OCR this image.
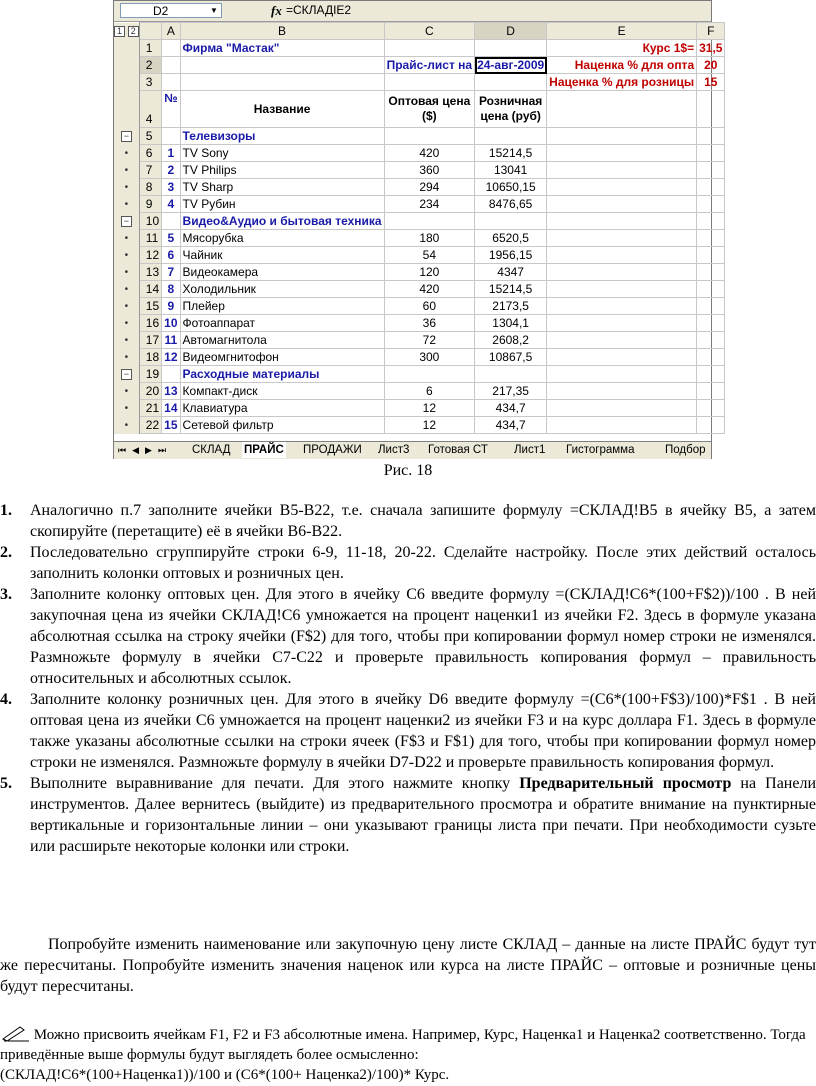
D2	▼	fx =СКЛАДIE2
1 2		A	B	C	D	E	F
	1		Фирма "Мастак"			Курс 1$=	31,5
	2			Прайс-лист на	24-авг-2009	Наценка % для опта	20
	3					Наценка % для розницы	15
	4	№	Название	Оптовая цена ($)	Розничная цена (руб)		
−	5		Телевизоры				
•	6	1	TV Sony	420	15214,5		
•	7	2	TV Philips	360	13041		
•	8	3	TV Sharp	294	10650,15		
•	9	4	TV Рубин	234	8476,65		
−	10		Видео&Аудио и бытовая техника				
•	11	5	Мясорубка	180	6520,5		
•	12	6	Чайник	54	1956,15		
•	13	7	Видеокамера	120	4347		
•	14	8	Холодильник	420	15214,5		
•	15	9	Плейер	60	2173,5		
•	16	10	Фотоаппарат	36	1304,1		
•	17	11	Автомагнитола	72	2608,2		
•	18	12	Видеомгнитофон	300	10867,5		
−	19		Расходные материалы				
•	20	13	Компакт-диск	6	217,35		
•	21	14	Клавиатура	12	434,7		
•	22	15	Сетевой фильтр	12	434,7		
⏮◀▶⏭ СКЛАД ПРАЙС ПРОДАЖИ Лист3 Готовая СТ Лист1 Гистограмма	Подбор
Рис. 18
1. Аналогично п.7 заполните ячейки B5-B22, т.е. сначала запишите формулу =СКЛАД!B5 в ячейку B5, а затем скопируйте (перетащите) её в ячейки B6-B22.
2. Последовательно сгруппируйте строки 6-9, 11-18, 20-22. Сделайте настройку. После этих действий осталось заполнить колонки оптовых и розничных цен.
3. Заполните колонку оптовых цен. Для этого в ячейку C6 введите формулу =(СКЛАД!C6*(100+F$2))/100 . В ней закупочная цена из ячейки СКЛАД!C6 умножается на процент наценки1 из ячейки F2. Здесь в формуле указана абсолютная ссылка на строку ячейки (F$2) для того, чтобы при копировании формул номер строки не изменялся. Размножьте формулу в ячейки C7-C22 и проверьте правильность копирования формул – правильность относительных и абсолютных ссылок.
4. Заполните колонку розничных цен. Для этого в ячейку D6 введите формулу =(C6*(100+F$3)/100)*F$1 . В ней оптовая цена из ячейки C6 умножается на процент наценки2 из ячейки F3 и на курс доллара F1. Здесь в формуле также указаны абсолютные ссылки на строки ячеек (F$3 и F$1) для того, чтобы при копировании формул номер строки не изменялся. Размножьте формулу в ячейки D7-D22 и проверьте правильность копирования формул.
5. Выполните выравнивание для печати. Для этого нажмите кнопку Предварительный просмотр на Панели инструментов. Далее вернитесь (выйдите) из предварительного просмотра и обратите внимание на пунктирные вертикальные и горизонтальные линии – они указывают границы листа при печати. При необходимости сузьте или расширьте некоторые колонки или строки.

Попробуйте изменить наименование или закупочную цену листе СКЛАД – данные на листе ПРАЙС будут тут же пересчитаны. Попробуйте изменить значения наценок или курса на листе ПРАЙС – оптовые и розничные цены будут пересчитаны.

Можно присвоить ячейкам F1, F2 и F3 абсолютные имена. Например, Курс, Наценка1 и Наценка2 соответственно. Тогда приведённые выше формулы будут выглядеть более осмысленно:
(СКЛАД!C6*(100+Наценка1))/100 и (C6*(100+ Наценка2)/100)* Курс.
